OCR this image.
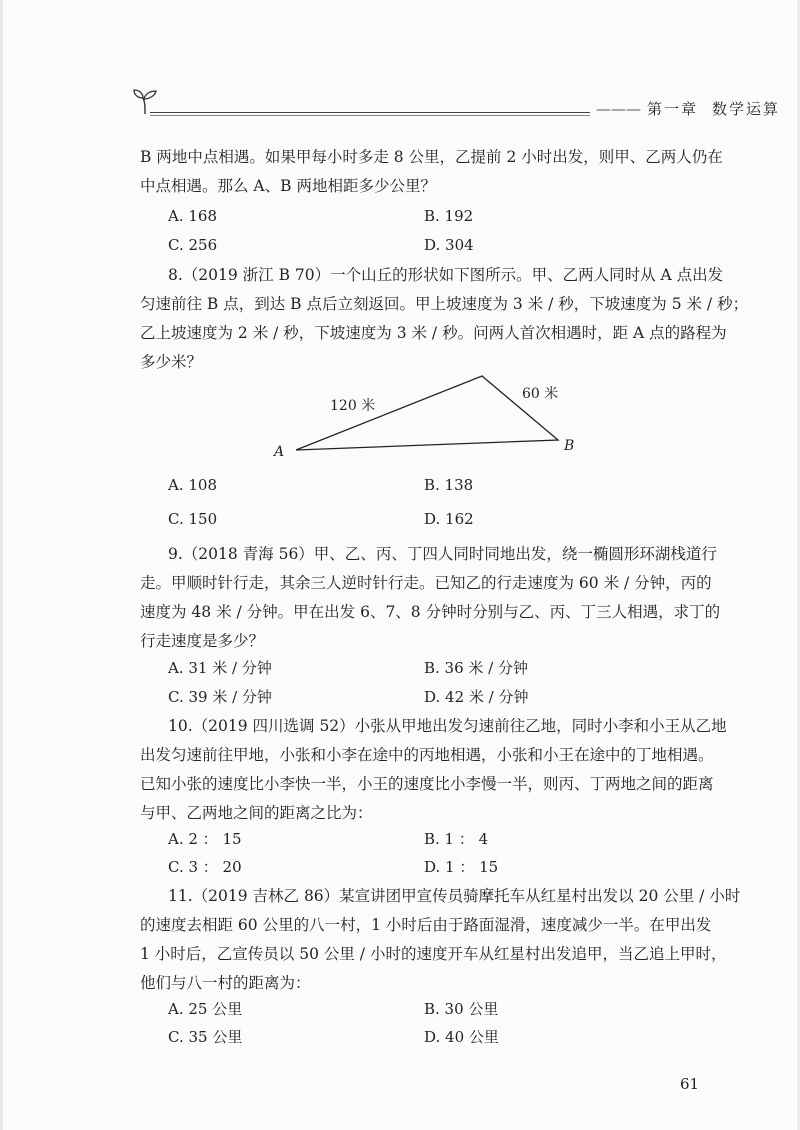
——— 第一章 数学运算
B 两地中点相遇。如果甲每小时多走 8 公里，乙提前 2 小时出发，则甲、乙两人仍在
中点相遇。那么 A、B 两地相距多少公里？
A. 168	B. 192
C. 256	D. 304
8.（2019 浙江 B 70）一个山丘的形状如下图所示。甲、乙两人同时从 A 点出发
匀速前往 B 点，到达 B 点后立刻返回。甲上坡速度为 3 米 / 秒，下坡速度为 5 米 / 秒；
乙上坡速度为 2 米 / 秒，下坡速度为 3 米 / 秒。问两人首次相遇时，距 A 点的路程为
多少米？
120 米
60 米
A	B
A. 108	B. 138
C. 150	D. 162
9.（2018 青海 56）甲、乙、丙、丁四人同时同地出发，绕一椭圆形环湖栈道行
走。甲顺时针行走，其余三人逆时针行走。已知乙的行走速度为 60 米 / 分钟，丙的
速度为 48 米 / 分钟。甲在出发 6、7、8 分钟时分别与乙、丙、丁三人相遇，求丁的
行走速度是多少？
A. 31 米 / 分钟	B. 36 米 / 分钟
C. 39 米 / 分钟	D. 42 米 / 分钟
10.（2019 四川选调 52）小张从甲地出发匀速前往乙地，同时小李和小王从乙地
出发匀速前往甲地，小张和小李在途中的丙地相遇，小张和小王在途中的丁地相遇。
已知小张的速度比小李快一半，小王的速度比小李慢一半，则丙、丁两地之间的距离
与甲、乙两地之间的距离之比为：
A. 2 ： 15	B. 1 ： 4
C. 3 ： 20	D. 1 ： 15
11.（2019 吉林乙 86）某宣讲团甲宣传员骑摩托车从红星村出发以 20 公里 / 小时
的速度去相距 60 公里的八一村，1 小时后由于路面湿滑，速度减少一半。在甲出发
1 小时后，乙宣传员以 50 公里 / 小时的速度开车从红星村出发追甲，当乙追上甲时，
他们与八一村的距离为：
A. 25 公里	B. 30 公里
C. 35 公里	D. 40 公里
61
